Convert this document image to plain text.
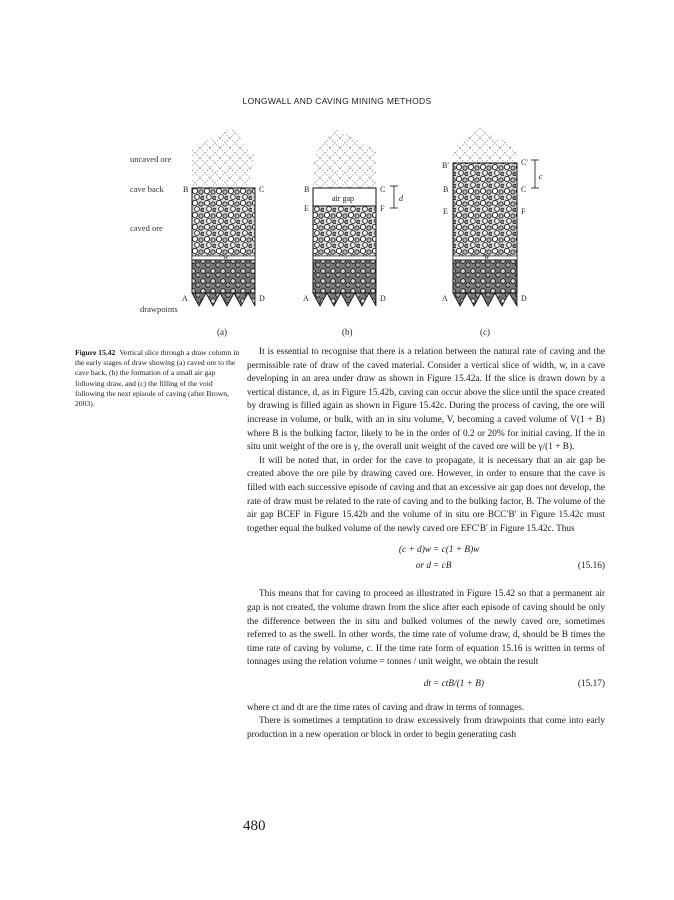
LONGWALL AND CAVING MINING METHODS
uncaved ore
cave back
caved ore
drawpoints
w
B	C
A	D
(a)
air gap	d
B	C
E	F
A	D
(b)
w
c
B′	C′
B	C
E	F
A	D
(c)
Figure 15.42 Vertical slice through a draw column in the early stages of draw showing (a) caved ore to the cave back, (b) the formation of a small air gap following draw, and (c) the filling of the void following the next episode of caving (after Brown, 2003).

It is essential to recognise that there is a relation between the natural rate of caving and the permissible rate of draw of the caved material. Consider a vertical slice of width, w, in a cave developing in an area under draw as shown in Figure 15.42a. If the slice is drawn down by a vertical distance, d, as in Figure 15.42b, caving can occur above the slice until the space created by drawing is filled again as shown in Figure 15.42c. During the process of caving, the ore will increase in volume, or bulk, with an in situ volume, V, becoming a caved volume of V(1 + B) where B is the bulking factor, likely to be in the order of 0.2 or 20% for initial caving. If the in situ unit weight of the ore is γ, the overall unit weight of the caved ore will be γ/(1 + B).

It will be noted that, in order for the cave to propagate, it is necessary that an air gap be created above the ore pile by drawing caved ore. However, in order to ensure that the cave is filled with each successive episode of caving and that an excessive air gap does not develop, the rate of draw must be related to the rate of caving and to the bulking factor, B. The volume of the air gap BCEF in Figure 15.42b and the volume of in situ ore BCC′B′ in Figure 15.42c must together equal the bulked volume of the newly caved ore EFC′B′ in Figure 15.42c. Thus

(c + d)w = c(1 + B)w
or d = cB	(15.16)

This means that for caving to proceed as illustrated in Figure 15.42 so that a permanent air gap is not created, the volume drawn from the slice after each episode of caving should be only the difference between the in situ and bulked volumes of the newly caved ore, sometimes referred to as the swell. In other words, the time rate of volume draw, d, should be B times the time rate of caving by volume, c. If the time rate form of equation 15.16 is written in terms of tonnages using the relation volume = tonnes / unit weight, we obtain the result

dt = ctB/(1 + B)	(15.17)

where ct and dt are the time rates of caving and draw in terms of tonnages.

There is sometimes a temptation to draw excessively from drawpoints that come into early production in a new operation or block in order to begin generating cash

480
